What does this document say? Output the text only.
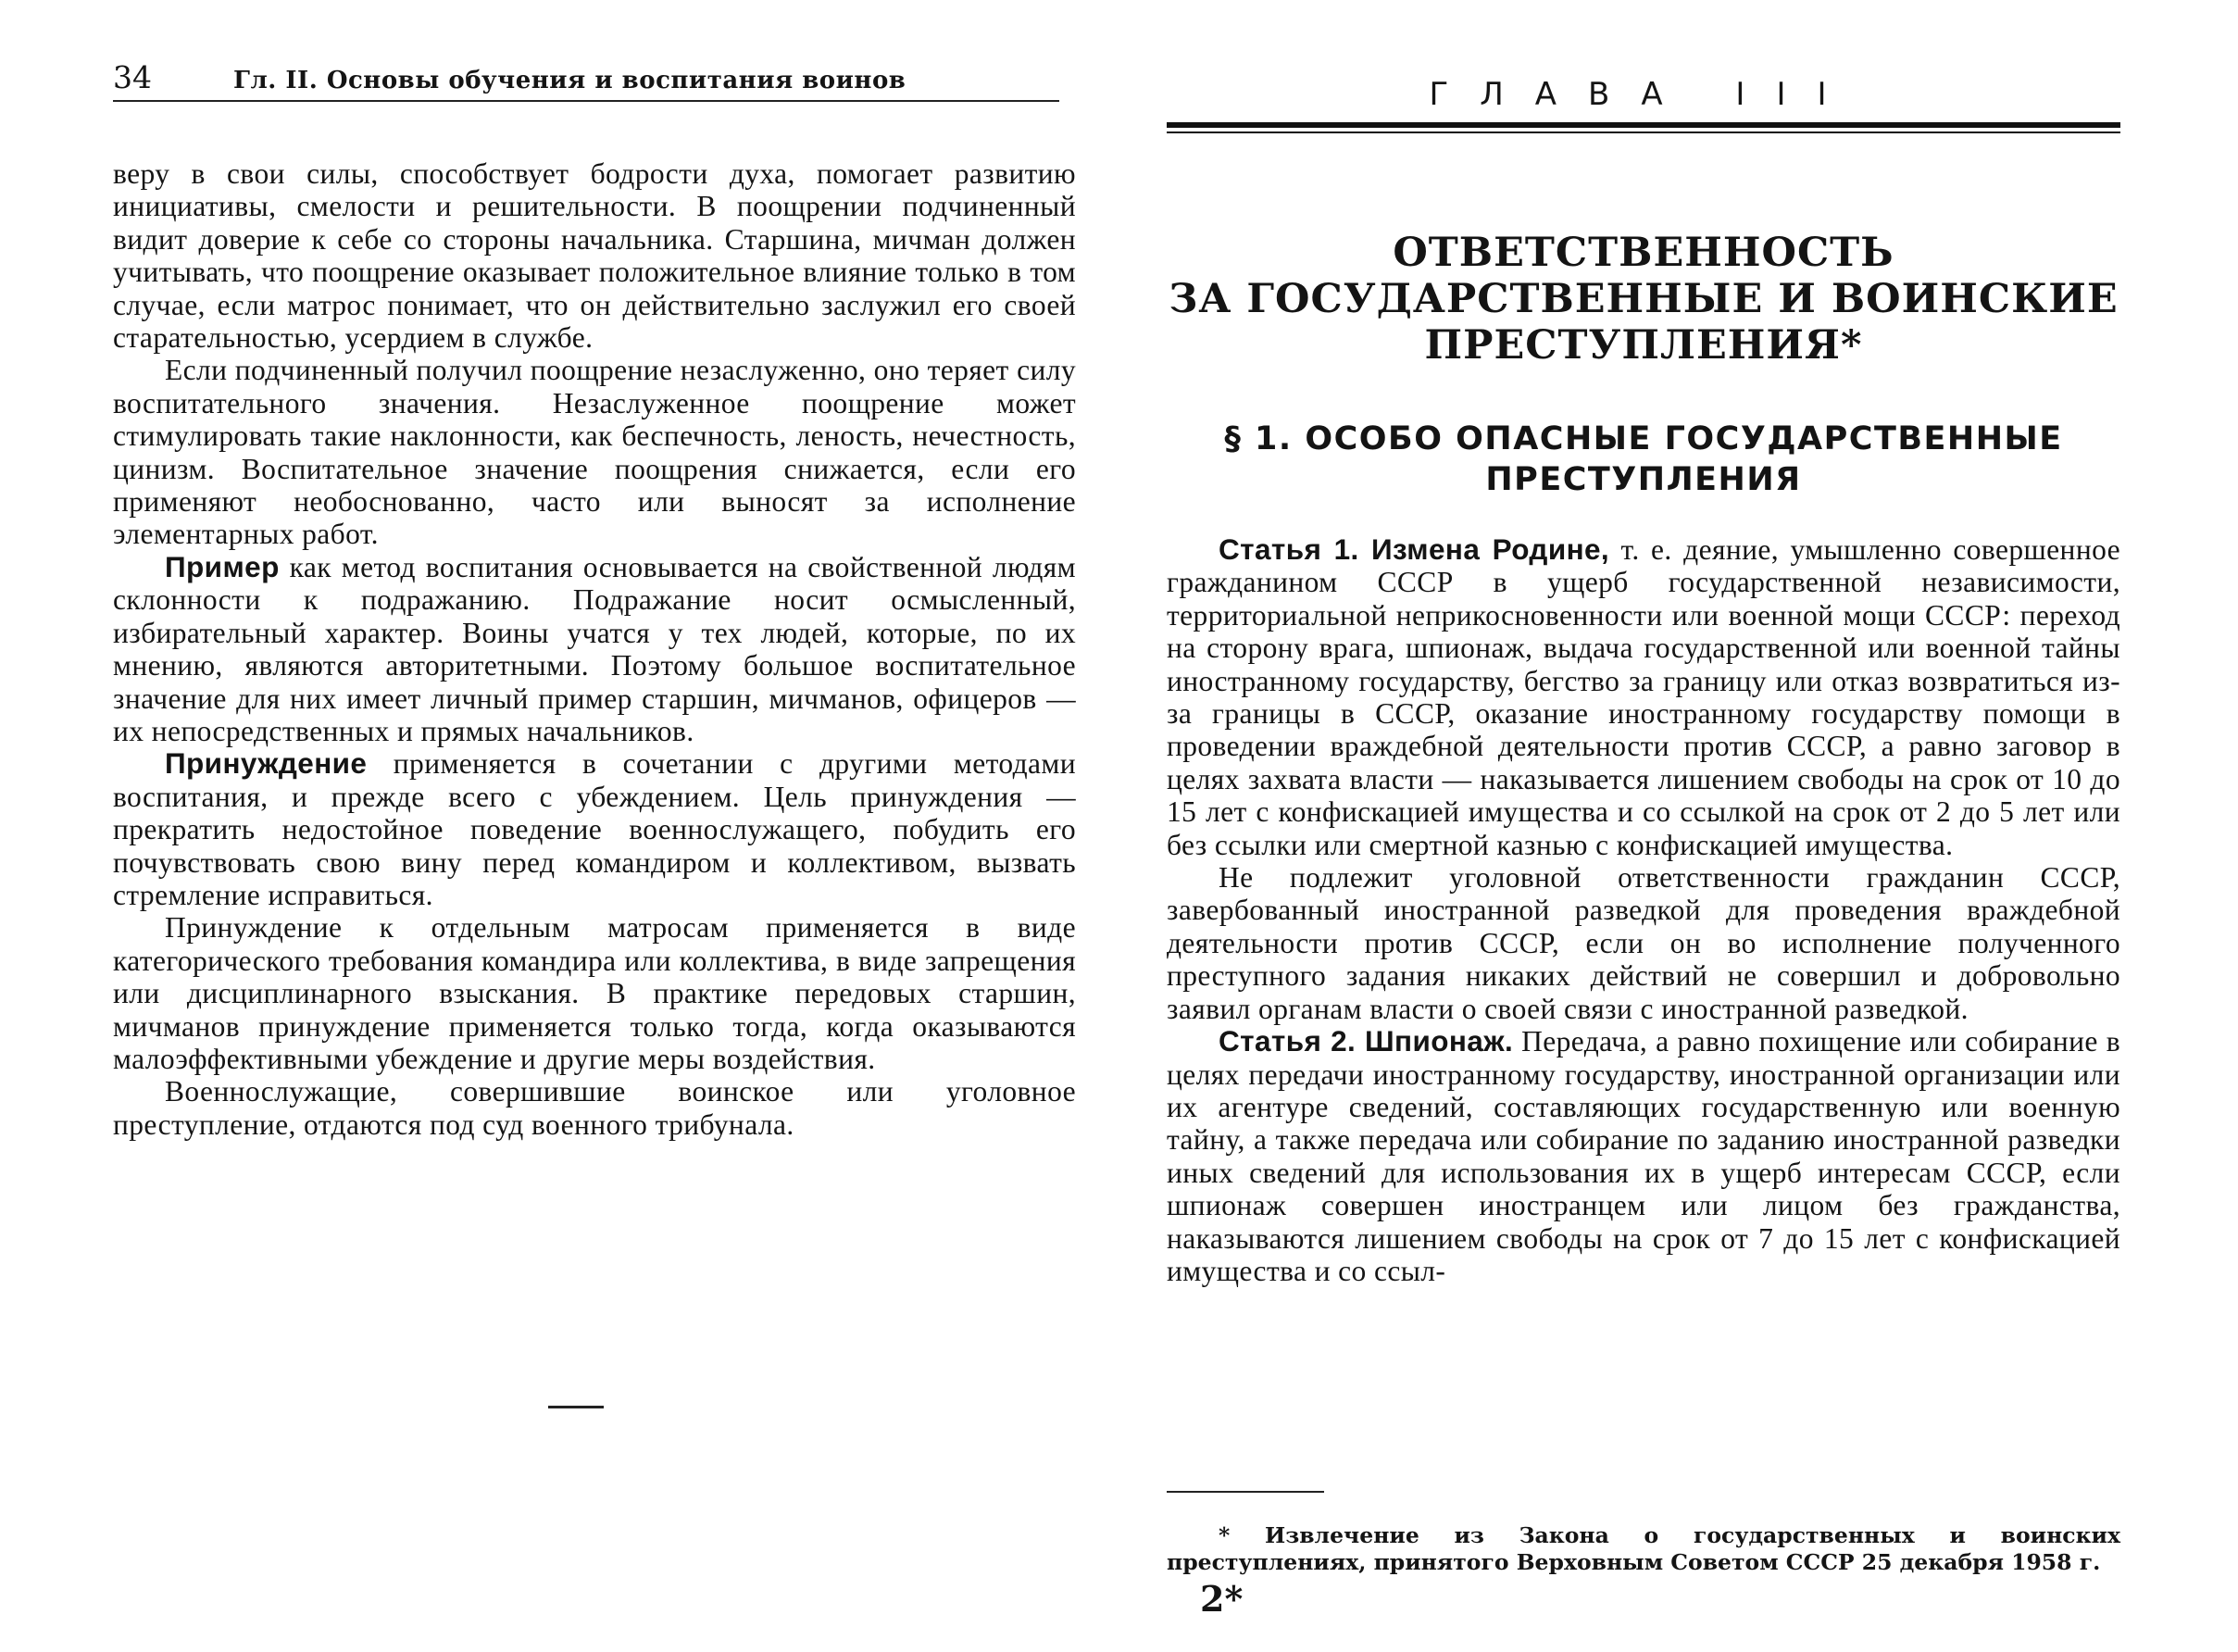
34	Гл. II. Основы обучения и воспитания воинов

веру в свои силы, способствует бодрости духа, помогает развитию инициативы, смелости и решительности. В поощрении подчиненный видит доверие к себе со стороны начальника. Старшина, мичман должен учитывать, что поощрение оказывает положительное влияние только в том случае, если матрос понимает, что он действительно заслужил его своей старательностью, усердием в службе.

Если подчиненный получил поощрение незаслуженно, оно теряет силу воспитательного значения. Незаслуженное поощрение может стимулировать такие наклонности, как беспечность, леность, нечестность, цинизм. Воспитательное значение поощрения снижается, если его применяют необоснованно, часто или выносят за исполнение элементарных работ.

Пример как метод воспитания основывается на свойственной людям склонности к подражанию. Подражание носит осмысленный, избирательный характер. Воины учатся у тех людей, которые, по их мнению, являются авторитетными. Поэтому большое воспитательное значение для них имеет личный пример старшин, мичманов, офицеров — их непосредственных и прямых начальников.

Принуждение применяется в сочетании с другими методами воспитания, и прежде всего с убеждением. Цель принуждения — прекратить недостойное поведение военнослужащего, побудить его почувствовать свою вину перед командиром и коллективом, вызвать стремление исправиться.

Принуждение к отдельным матросам применяется в виде категорического требования командира или коллектива, в виде запрещения или дисциплинарного взыскания. В практике передовых старшин, мичманов принуждение применяется только тогда, когда оказываются малоэффективными убеждение и другие меры воздействия.

Военнослужащие, совершившие воинское или уголовное преступление, отдаются под суд военного трибунала.

ГЛАВА III
ОТВЕТСТВЕННОСТЬ
ЗА ГОСУДАРСТВЕННЫЕ И ВОИНСКИЕ
ПРЕСТУПЛЕНИЯ*
§ 1. ОСОБО ОПАСНЫЕ ГОСУДАРСТВЕННЫЕ
ПРЕСТУПЛЕНИЯ

Статья 1. Измена Родине, т. е. деяние, умышленно совершенное гражданином СССР в ущерб государственной независимости, территориальной неприкосновенности или военной мощи СССР: переход на сторону врага, шпионаж, выдача государственной или военной тайны иностранному государству, бегство за границу или отказ возвратиться из-за границы в СССР, оказание иностранному государству помощи в проведении враждебной деятельности против СССР, а равно заговор в целях захвата власти — наказывается лишением свободы на срок от 10 до 15 лет с конфискацией имущества и со ссылкой на срок от 2 до 5 лет или без ссылки или смертной казнью с конфискацией имущества.

Не подлежит уголовной ответственности гражданин СССР, завербованный иностранной разведкой для проведения враждебной деятельности против СССР, если он во исполнение полученного преступного задания никаких действий не совершил и добровольно заявил органам власти о своей связи с иностранной разведкой.

Статья 2. Шпионаж. Передача, а равно похищение или собирание в целях передачи иностранному государству, иностранной организации или их агентуре сведений, составляющих государственную или военную тайну, а также передача или собирание по заданию иностранной разведки иных сведений для использования их в ущерб интересам СССР, если шпионаж совершен иностранцем или лицом без гражданства, наказываются лишением свободы на срок от 7 до 15 лет с конфискацией имущества и со ссыл-

* Извлечение из Закона о государственных и воинских преступлениях, принятого Верховным Советом СССР 25 декабря 1958 г.

2*
